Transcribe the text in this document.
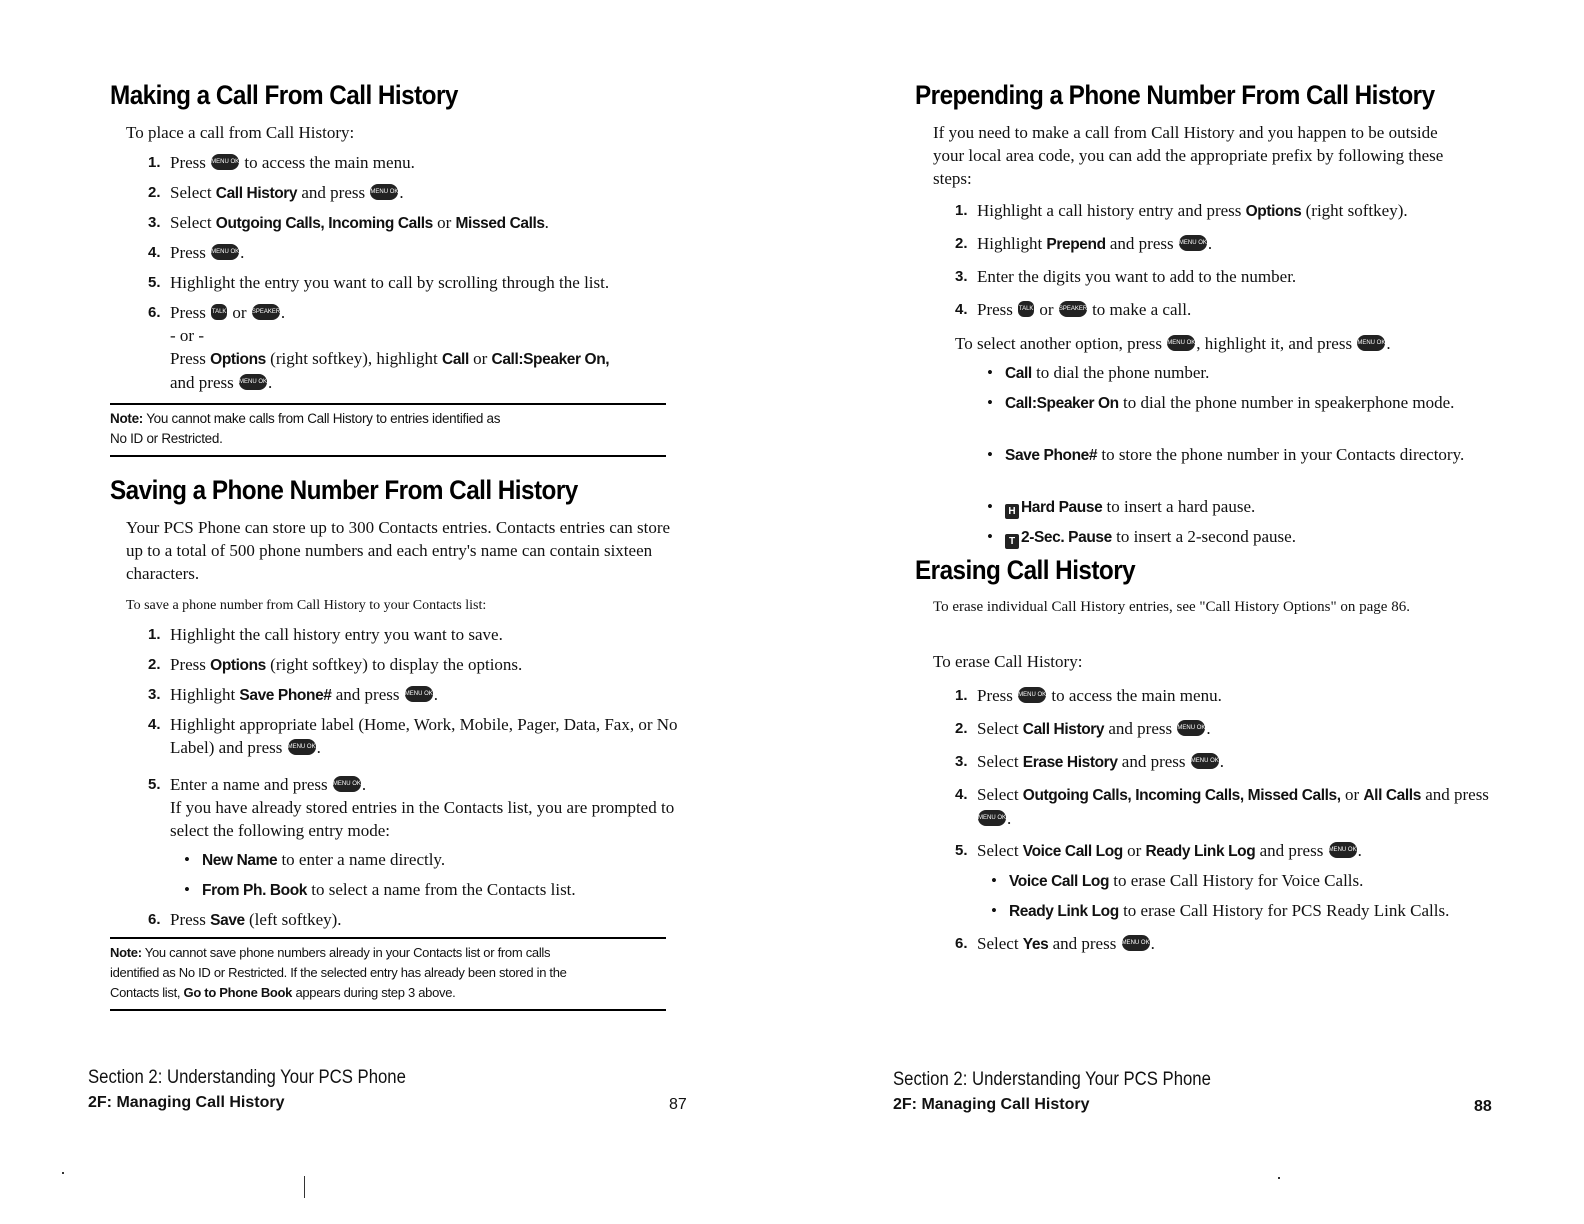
Making a Call From Call History

To place a call from Call History:

1. Press MENU OK to access the main menu.
2. Select Call History and press MENU OK.
3. Select Outgoing Calls, Incoming Calls or Missed Calls.
4. Press MENU OK.
5. Highlight the entry you want to call by scrolling through the list.
6. Press TALK or SPEAKER.
- or -
Press Options (right softkey), highlight Call or Call:Speaker On,
and press MENU OK.
Note: You cannot make calls from Call History to entries identified as
No ID or Restricted.
Saving a Phone Number From Call History

Your PCS Phone can store up to 300 Contacts entries. Contacts entries can store up to a total of 500 phone numbers and each entry's name can contain sixteen characters.

To save a phone number from Call History to your Contacts list:

1. Highlight the call history entry you want to save.
2. Press Options (right softkey) to display the options.
3. Highlight Save Phone# and press MENU OK.
4. Highlight appropriate label (Home, Work, Mobile, Pager, Data, Fax, or No Label) and press MENU OK.
5. Enter a name and press MENU OK.
If you have already stored entries in the Contacts list, you are prompted to select the following entry mode:
• New Name to enter a name directly.
• From Ph. Book to select a name from the Contacts list.
6. Press Save (left softkey).
Note: You cannot save phone numbers already in your Contacts list or from calls
identified as No ID or Restricted. If the selected entry has already been stored in the
Contacts list, Go to Phone Book appears during step 3 above.
Section 2: Understanding Your PCS Phone
2F: Managing Call History	87
Prepending a Phone Number From Call History

If you need to make a call from Call History and you happen to be outside your local area code, you can add the appropriate prefix by following these steps:

1. Highlight a call history entry and press Options (right softkey).
2. Highlight Prepend and press MENU OK.
3. Enter the digits you want to add to the number.
4. Press TALK or SPEAKER to make a call.

To select another option, press MENU OK, highlight it, and press MENU OK.

• Call to dial the phone number.
• Call:Speaker On to dial the phone number in speakerphone mode.
• Save Phone# to store the phone number in your Contacts directory.
• H Hard Pause to insert a hard pause.
• T 2-Sec. Pause to insert a 2-second pause.
Erasing Call History

To erase individual Call History entries, see "Call History Options" on page 86.

To erase Call History:

1. Press MENU OK to access the main menu.
2. Select Call History and press MENU OK.
3. Select Erase History and press MENU OK.
4. Select Outgoing Calls, Incoming Calls, Missed Calls, or All Calls and press MENU OK.
5. Select Voice Call Log or Ready Link Log and press MENU OK.
• Voice Call Log to erase Call History for Voice Calls.
• Ready Link Log to erase Call History for PCS Ready Link Calls.
6. Select Yes and press MENU OK.
Section 2: Understanding Your PCS Phone
2F: Managing Call History	88
